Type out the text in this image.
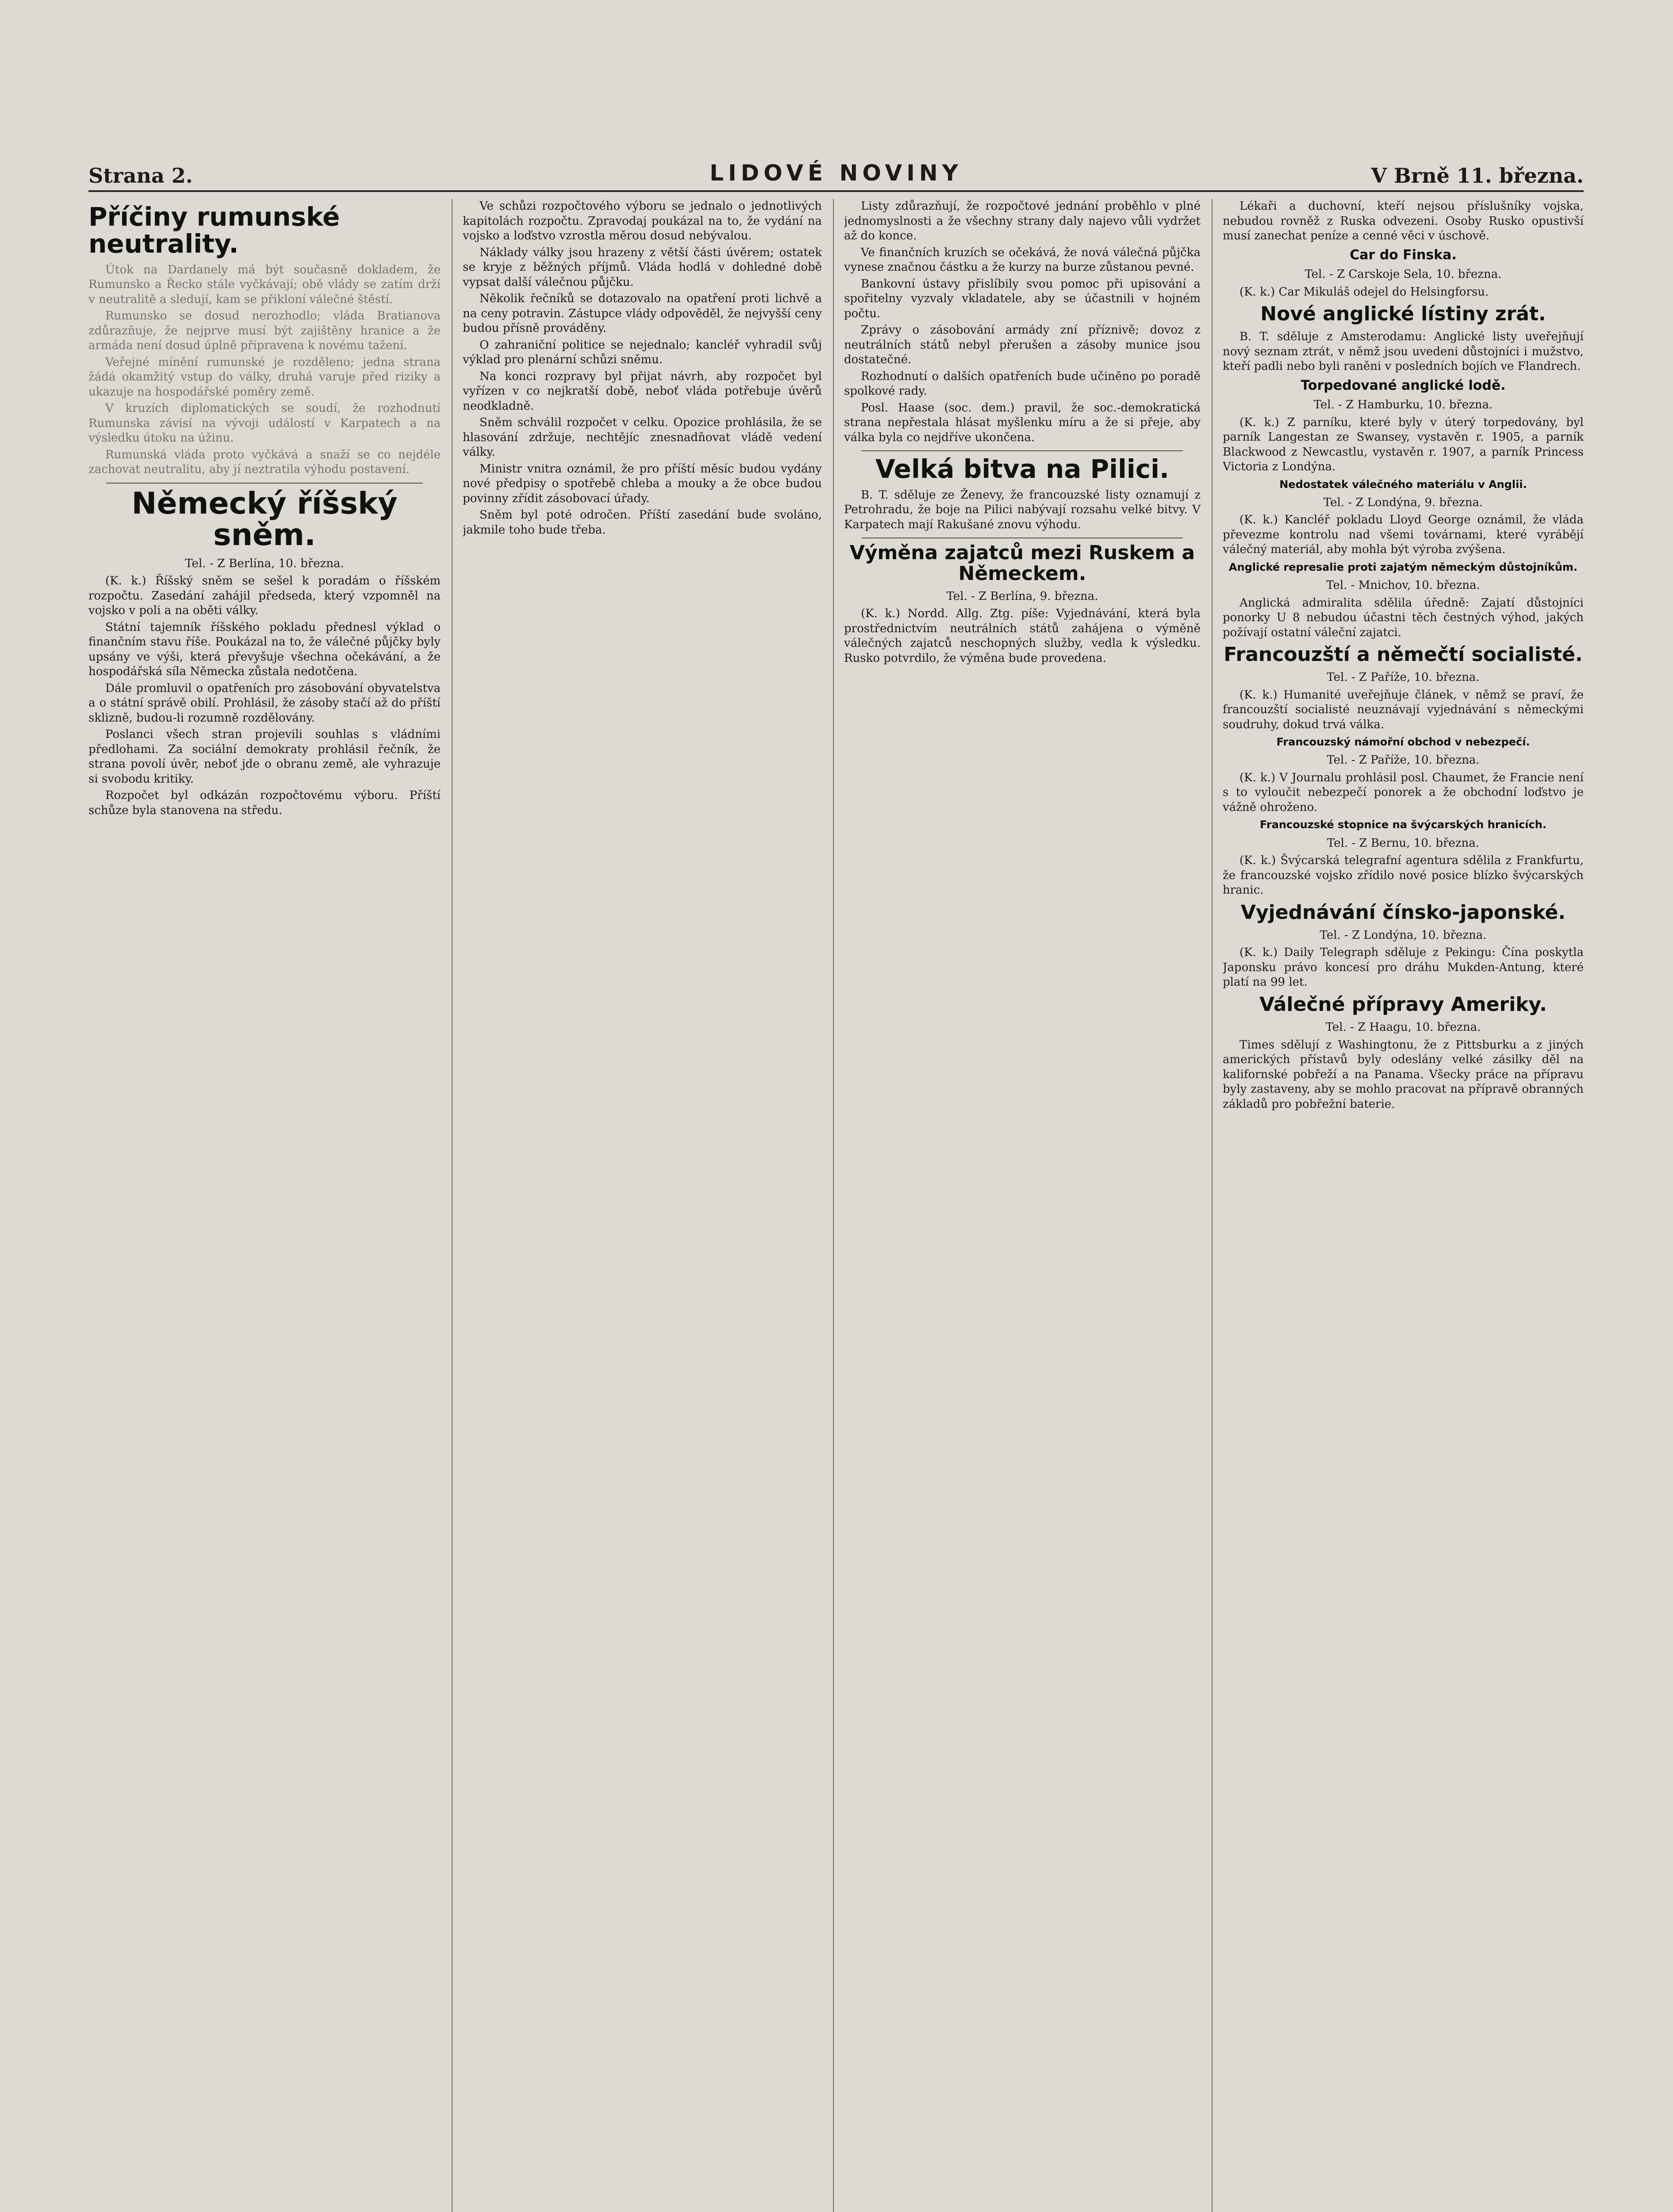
Strana 2.	LIDOVÉ NOVINY	V Brně 11. března.
Příčiny rumunské neutrality.

Útok na Dardanely má být současně dokladem, že Rumunsko a Řecko stále vyčkávají; obě vlády se zatím drží v neutralitě a sledují, kam se přikloní válečné štěstí.

Rumunsko se dosud nerozhodlo; vláda Bratianova zdůrazňuje, že nejprve musí být zajištěny hranice a že armáda není dosud úplně připravena k novému tažení.

Veřejné mínění rumunské je rozděleno; jedna strana žádá okamžitý vstup do války, druhá varuje před riziky a ukazuje na hospodářské poměry země.

V kruzích diplomatických se soudí, že rozhodnutí Rumunska závisí na vývoji událostí v Karpatech a na výsledku útoku na úžinu.

Rumunská vláda proto vyčkává a snaží se co nejdéle zachovat neutralitu, aby jí neztratila výhodu postavení.

Německý říšský sněm.

Tel. - Z Berlína, 10. března.

(K. k.) Říšský sněm se sešel k poradám o říšském rozpočtu. Zasedání zahájil předseda, který vzpomněl na vojsko v poli a na oběti války.

Státní tajemník říšského pokladu přednesl výklad o finančním stavu říše. Poukázal na to, že válečné půjčky byly upsány ve výši, která převyšuje všechna očekávání, a že hospodářská síla Německa zůstala nedotčena.

Dále promluvil o opatřeních pro zásobování obyvatelstva a o státní správě obilí. Prohlásil, že zásoby stačí až do příští sklizně, budou-li rozumně rozdělovány.

Poslanci všech stran projevili souhlas s vládními předlohami. Za sociální demokraty prohlásil řečník, že strana povolí úvěr, neboť jde o obranu země, ale vyhrazuje si svobodu kritiky.

Rozpočet byl odkázán rozpočtovému výboru. Příští schůze byla stanovena na středu.

Ve schůzi rozpočtového výboru se jednalo o jednotlivých kapitolách rozpočtu. Zpravodaj poukázal na to, že vydání na vojsko a loďstvo vzrostla měrou dosud nebývalou.

Náklady války jsou hrazeny z větší části úvěrem; ostatek se kryje z běžných příjmů. Vláda hodlá v dohledné době vypsat další válečnou půjčku.

Několik řečníků se dotazovalo na opatření proti lichvě a na ceny potravin. Zástupce vlády odpověděl, že nejvyšší ceny budou přísně prováděny.

O zahraniční politice se nejednalo; kancléř vyhradil svůj výklad pro plenární schůzi sněmu.

Na konci rozpravy byl přijat návrh, aby rozpočet byl vyřízen v co nejkratší době, neboť vláda potřebuje úvěrů neodkladně.

Sněm schválil rozpočet v celku. Opozice prohlásila, že se hlasování zdržuje, nechtějíc znesnadňovat vládě vedení války.

Ministr vnitra oznámil, že pro příští měsíc budou vydány nové předpisy o spotřebě chleba a mouky a že obce budou povinny zřídit zásobovací úřady.

Sněm byl poté odročen. Příští zasedání bude svoláno, jakmile toho bude třeba.

Listy zdůrazňují, že rozpočtové jednání proběhlo v plné jednomyslnosti a že všechny strany daly najevo vůli vydržet až do konce.

Ve finančních kruzích se očekává, že nová válečná půjčka vynese značnou částku a že kurzy na burze zůstanou pevné.

Bankovní ústavy přislíbily svou pomoc při upisování a spořitelny vyzvaly vkladatele, aby se účastnili v hojném počtu.

Zprávy o zásobování armády zní příznivě; dovoz z neutrálních států nebyl přerušen a zásoby munice jsou dostatečné.

Rozhodnutí o dalších opatřeních bude učiněno po poradě spolkové rady.

Posl. Haase (soc. dem.) pravil, že soc.-demokratická strana nepřestala hlásat myšlenku míru a že si přeje, aby válka byla co nejdříve ukončena.

Velká bitva na Pilici.

B. T. sděluje ze Ženevy, že francouzské listy oznamují z Petrohradu, že boje na Pilici nabývají rozsahu velké bitvy. V Karpatech mají Rakušané znovu výhodu.

Výměna zajatců mezi Ruskem a Německem.

Tel. - Z Berlína, 9. března.

(K. k.) Nordd. Allg. Ztg. píše: Vyjednávání, která byla prostřednictvím neutrálních států zahájena o výměně válečných zajatců neschopných služby, vedla k výsledku. Rusko potvrdilo, že výměna bude provedena.

Lékaři a duchovní, kteří nejsou příslušníky vojska, nebudou rovněž z Ruska odvezeni. Osoby Rusko opustivší musí zanechat peníze a cenné věci v úschově.

Car do Finska.

Tel. - Z Carskoje Sela, 10. března.

(K. k.) Car Mikuláš odejel do Helsingforsu.

Nové anglické lístiny zrát.

B. T. sděluje z Amsterodamu: Anglické listy uveřejňují nový seznam ztrát, v němž jsou uvedeni důstojníci i mužstvo, kteří padli nebo byli raněni v posledních bojích ve Flandrech.

Torpedované anglické lodě.

Tel. - Z Hamburku, 10. března.

(K. k.) Z parníku, které byly v úterý torpedovány, byl parník Langestan ze Swansey, vystavěn r. 1905, a parník Blackwood z Newcastlu, vystavěn r. 1907, a parník Princess Victoria z Londýna.

Nedostatek válečného materiálu v Anglii.

Tel. - Z Londýna, 9. března.

(K. k.) Kancléř pokladu Lloyd George oznámil, že vláda převezme kontrolu nad všemi továrnami, které vyrábějí válečný materiál, aby mohla být výroba zvýšena.

Anglické represalie proti zajatým německým důstojníkům.

Tel. - Mnichov, 10. března.

Anglická admiralita sdělila úředně: Zajatí důstojníci ponorky U 8 nebudou účastni těch čestných výhod, jakých požívají ostatní váleční zajatci.

Francouzští a němečtí socialisté.

Tel. - Z Paříže, 10. března.

(K. k.) Humanité uveřejňuje článek, v němž se praví, že francouzští socialisté neuznávají vyjednávání s německými soudruhy, dokud trvá válka.

Francouzský námořní obchod v nebezpečí.

Tel. - Z Paříže, 10. března.

(K. k.) V Journalu prohlásil posl. Chaumet, že Francie není s to vyloučit nebezpečí ponorek a že obchodní loďstvo je vážně ohroženo.

Francouzské stopnice na švýcarských hranicích.

Tel. - Z Bernu, 10. března.

(K. k.) Švýcarská telegrafní agentura sdělila z Frankfurtu, že francouzské vojsko zřídilo nové posice blízko švýcarských hranic.

Vyjednávání čínsko-japonské.

Tel. - Z Londýna, 10. března.

(K. k.) Daily Telegraph sděluje z Pekingu: Čína poskytla Japonsku právo koncesí pro dráhu Mukden-Antung, které platí na 99 let.

Válečné přípravy Ameriky.

Tel. - Z Haagu, 10. března.

Times sdělují z Washingtonu, že z Pittsburku a z jiných amerických přístavů byly odeslány velké zásilky děl na kalifornské pobřeží a na Panama. Všecky práce na přípravu byly zastaveny, aby se mohlo pracovat na přípravě obranných základů pro pobřežní baterie.
